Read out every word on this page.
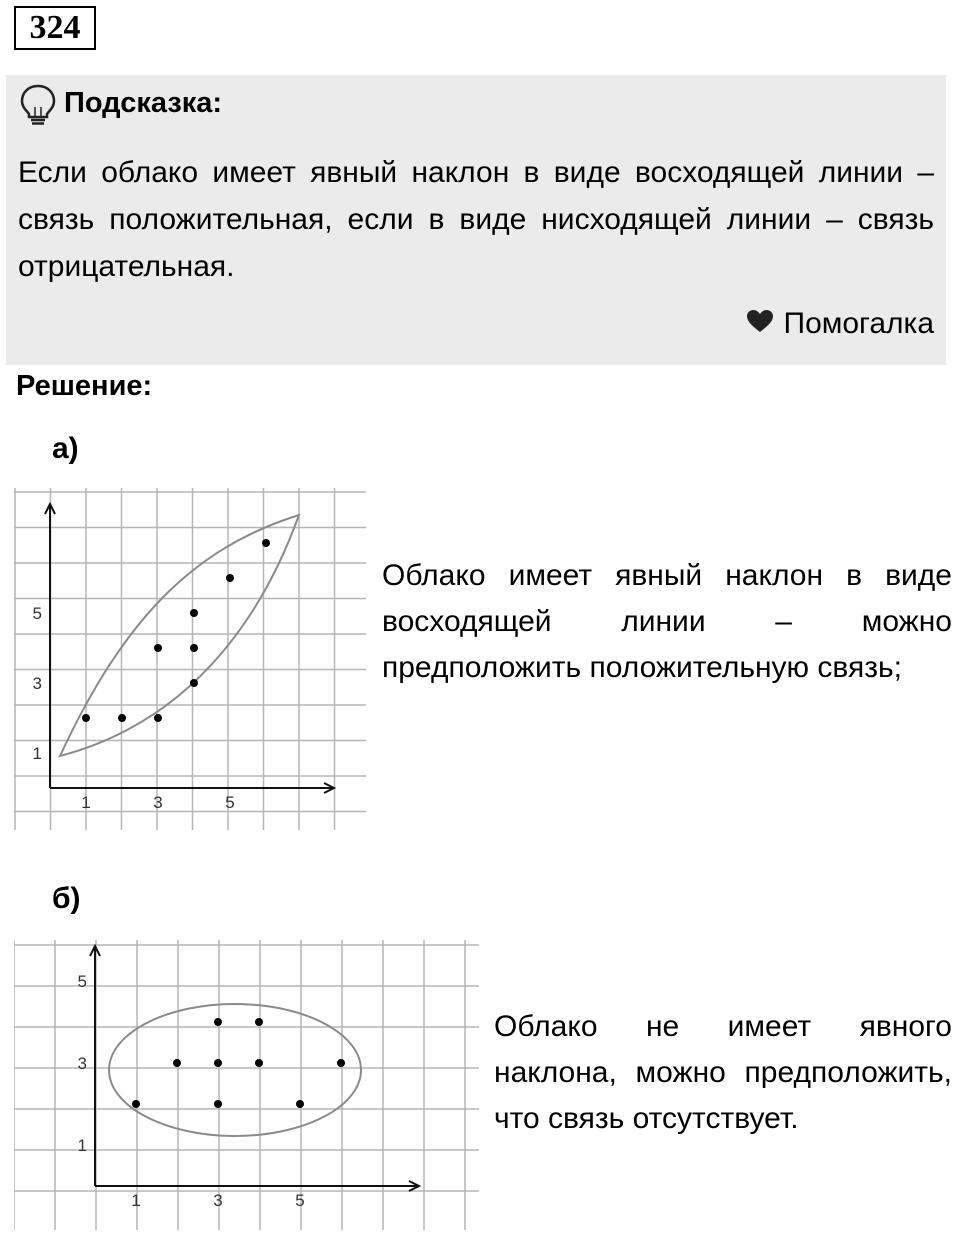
324
Подсказка:

Если облако имеет явный наклон в виде восходящей линии – связь положительная, если в виде нисходящей линии – связь отрицательная.

Помогалка
Решение:
а)
1	3	5
1
3
5

Облако имеет явный наклон в виде восходящей линии – можно предположить положительную связь;

б)
1	3	5
1
3
5

Облако не имеет явного наклона, можно предположить, что связь отсутствует.
